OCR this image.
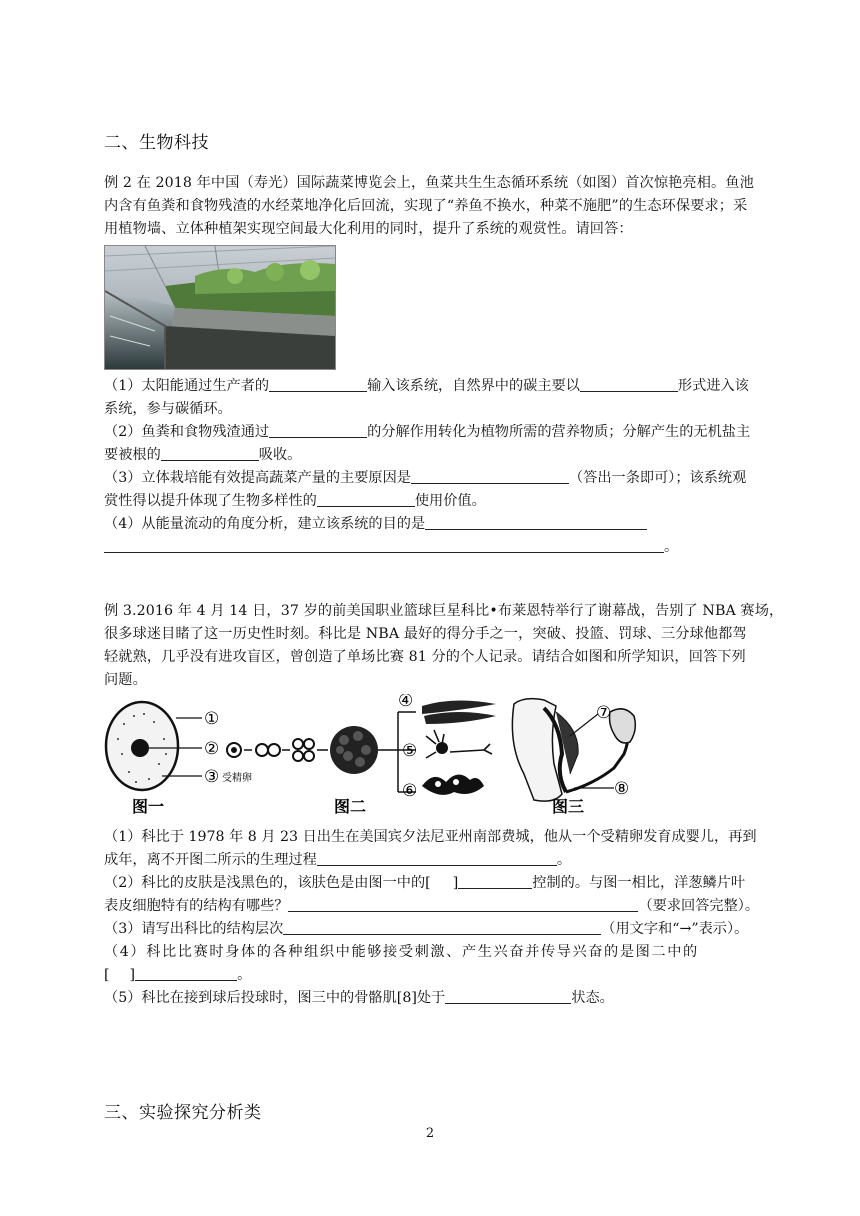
二、生物科技
例 2 在 2018 年中国（寿光）国际蔬菜博览会上，鱼菜共生生态循环系统（如图）首次惊艳亮相。鱼池
内含有鱼粪和食物残渣的水经菜地净化后回流，实现了“养鱼不换水，种菜不施肥”的生态环保要求；采
用植物墙、立体种植架实现空间最大化利用的同时，提升了系统的观赏性。请回答：
（1）太阳能通过生产者的	输入该系统，自然界中的碳主要以	形式进入该
系统，参与碳循环。
（2）鱼粪和食物残渣通过	的分解作用转化为植物所需的营养物质；分解产生的无机盐主
要被根的	吸收。
（3）立体栽培能有效提高蔬菜产量的主要原因是	（答出一条即可）；该系统观
赏性得以提升体现了生物多样性的	使用价值。
（4）从能量流动的角度分析，建立该系统的目的是
。
例 3.2016 年 4 月 14 日，37 岁的前美国职业篮球巨星科比•布莱恩特举行了谢幕战，告别了 NBA 赛场，
很多球迷目睹了这一历史性时刻。科比是 NBA 最好的得分手之一，突破、投篮、罚球、三分球他都驾
轻就熟，几乎没有进攻盲区，曾创造了单场比赛 81 分的个人记录。请结合如图和所学知识，回答下列
问题。
①
②
③ 受精卵
图一
④
⑤
⑥
图二
⑦
⑧
图三
（1）科比于 1978 年 8 月 23 日出生在美国宾夕法尼亚州南部费城，他从一个受精卵发育成婴儿，再到
成年，离不开图二所示的生理过程	。
（2）科比的皮肤是浅黑色的，该肤色是由图一中的[ ]	控制的。与图一相比，洋葱鳞片叶
表皮细胞特有的结构有哪些？	（要求回答完整）。
（3）请写出科比的结构层次	（用文字和“→”表示）。
（4）科比比赛时身体的各种组织中能够接受刺激、产生兴奋并传导兴奋的是图二中的
[ ]	。
（5）科比在接到球后投球时，图三中的骨骼肌[8]处于	状态。
三、实验探究分析类
2
